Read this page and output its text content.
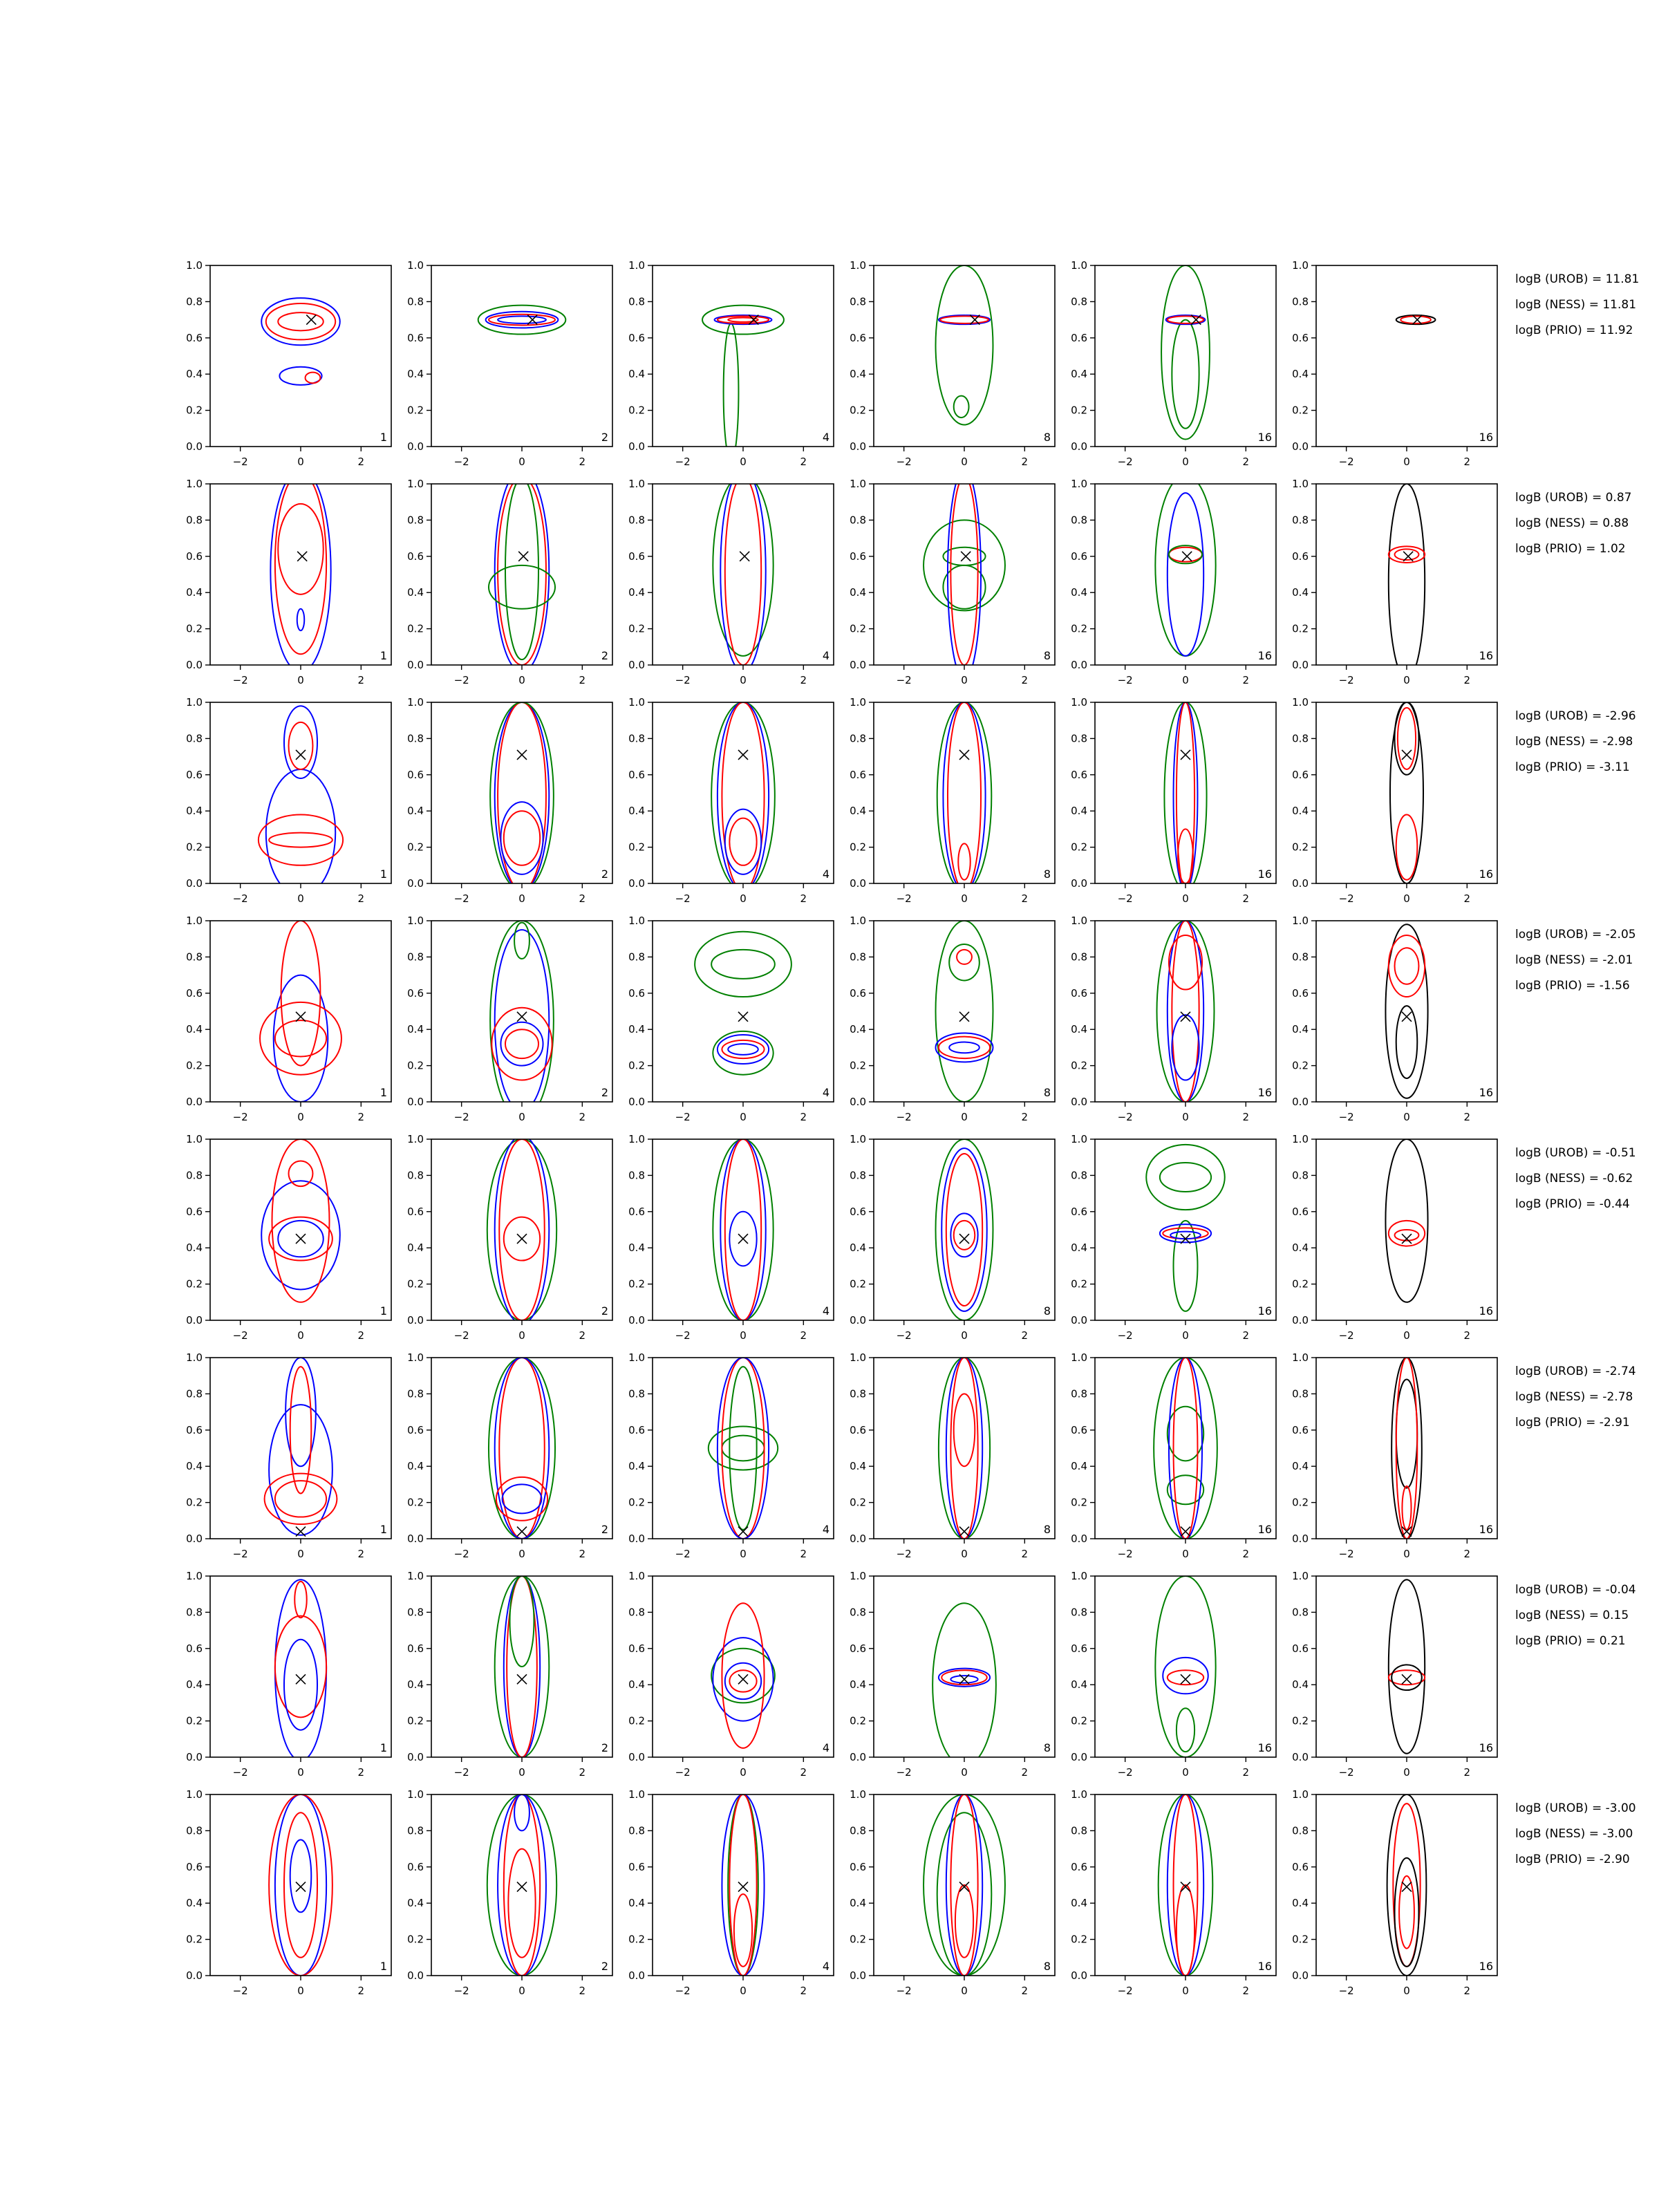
−2	0	2
0.0
0.2
0.4
0.6
0.8
1.0
1
−2	0	2
0.0
0.2
0.4
0.6
0.8
1.0
2
−2	0	2
0.0
0.2
0.4
0.6
0.8
1.0
4
−2	0	2
0.0
0.2
0.4
0.6
0.8
1.0
8
−2	0	2
0.0
0.2
0.4
0.6
0.8
1.0
16
−2	0	2
0.0
0.2
0.4
0.6
0.8
1.0
16
−2	0	2
0.0
0.2
0.4
0.6
0.8
1.0
1
−2	0	2
0.0
0.2
0.4
0.6
0.8
1.0
2
−2	0	2
0.0
0.2
0.4
0.6
0.8
1.0
4
−2	0	2
0.0
0.2
0.4
0.6
0.8
1.0
8
−2	0	2
0.0
0.2
0.4
0.6
0.8
1.0
16
−2	0	2
0.0
0.2
0.4
0.6
0.8
1.0
16
−2	0	2
0.0
0.2
0.4
0.6
0.8
1.0
1
−2	0	2
0.0
0.2
0.4
0.6
0.8
1.0
2
−2	0	2
0.0
0.2
0.4
0.6
0.8
1.0
4
−2	0	2
0.0
0.2
0.4
0.6
0.8
1.0
8
−2	0	2
0.0
0.2
0.4
0.6
0.8
1.0
16
−2	0	2
0.0
0.2
0.4
0.6
0.8
1.0
16
−2	0	2
0.0
0.2
0.4
0.6
0.8
1.0
1
−2	0	2
0.0
0.2
0.4
0.6
0.8
1.0
2
−2	0	2
0.0
0.2
0.4
0.6
0.8
1.0
4
−2	0	2
0.0
0.2
0.4
0.6
0.8
1.0
8
−2	0	2
0.0
0.2
0.4
0.6
0.8
1.0
16
−2	0	2
0.0
0.2
0.4
0.6
0.8
1.0
16
−2	0	2
0.0
0.2
0.4
0.6
0.8
1.0
1
−2	0	2
0.0
0.2
0.4
0.6
0.8
1.0
2
−2	0	2
0.0
0.2
0.4
0.6
0.8
1.0
4
−2	0	2
0.0
0.2
0.4
0.6
0.8
1.0
8
−2	0	2
0.0
0.2
0.4
0.6
0.8
1.0
16
−2	0	2
0.0
0.2
0.4
0.6
0.8
1.0
16
−2	0	2
0.0
0.2
0.4
0.6
0.8
1.0
1
−2	0	2
0.0
0.2
0.4
0.6
0.8
1.0
2
−2	0	2
0.0
0.2
0.4
0.6
0.8
1.0
4
−2	0	2
0.0
0.2
0.4
0.6
0.8
1.0
8
−2	0	2
0.0
0.2
0.4
0.6
0.8
1.0
16
−2	0	2
0.0
0.2
0.4
0.6
0.8
1.0
16
−2	0	2
0.0
0.2
0.4
0.6
0.8
1.0
1
−2	0	2
0.0
0.2
0.4
0.6
0.8
1.0
2
−2	0	2
0.0
0.2
0.4
0.6
0.8
1.0
4
−2	0	2
0.0
0.2
0.4
0.6
0.8
1.0
8
−2	0	2
0.0
0.2
0.4
0.6
0.8
1.0
16
−2	0	2
0.0
0.2
0.4
0.6
0.8
1.0
16
−2	0	2
0.0
0.2
0.4
0.6
0.8
1.0
1
−2	0	2
0.0
0.2
0.4
0.6
0.8
1.0
2
−2	0	2
0.0
0.2
0.4
0.6
0.8
1.0
4
−2	0	2
0.0
0.2
0.4
0.6
0.8
1.0
8
−2	0	2
0.0
0.2
0.4
0.6
0.8
1.0
16
−2	0	2
0.0
0.2
0.4
0.6
0.8
1.0
16
logB (UROB) = 11.81
logB (NESS) = 11.81
logB (PRIO) = 11.92
logB (UROB) = 0.87
logB (NESS) = 0.88
logB (PRIO) = 1.02
logB (UROB) = -2.96
logB (NESS) = -2.98
logB (PRIO) = -3.11
logB (UROB) = -2.05
logB (NESS) = -2.01
logB (PRIO) = -1.56
logB (UROB) = -0.51
logB (NESS) = -0.62
logB (PRIO) = -0.44
logB (UROB) = -2.74
logB (NESS) = -2.78
logB (PRIO) = -2.91
logB (UROB) = -0.04
logB (NESS) = 0.15
logB (PRIO) = 0.21
logB (UROB) = -3.00
logB (NESS) = -3.00
logB (PRIO) = -2.90
